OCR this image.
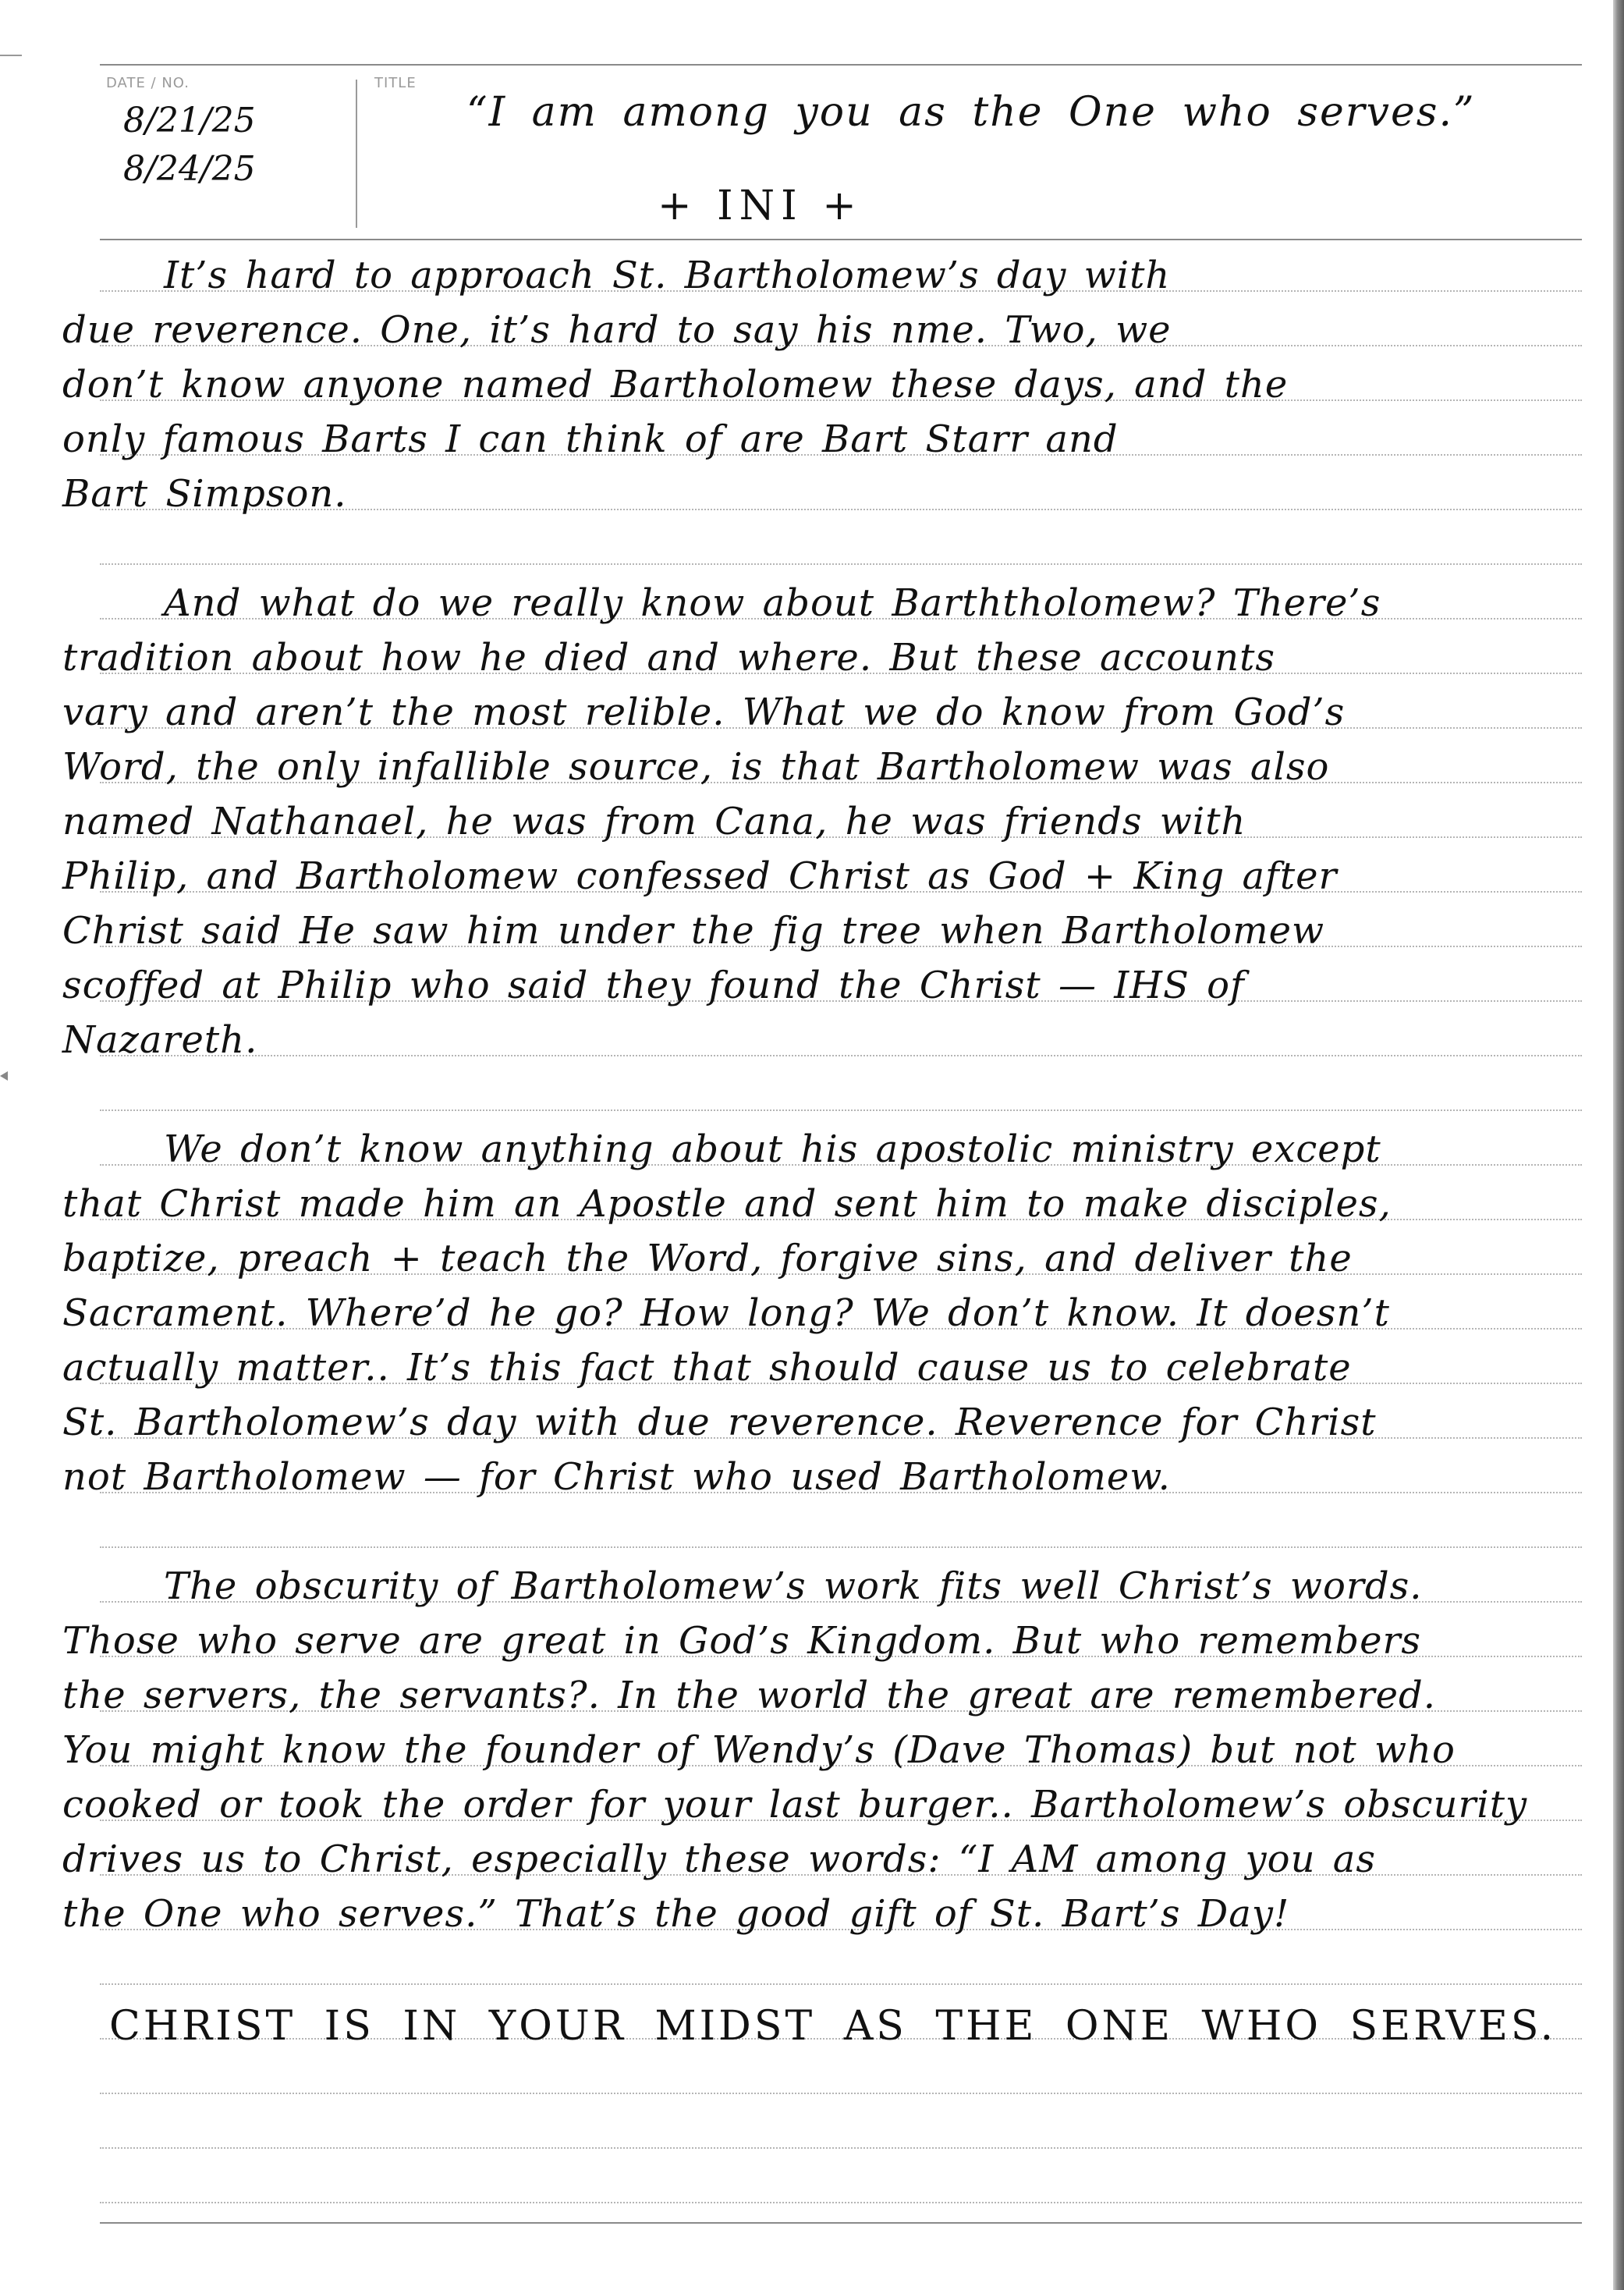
DATE / NO.	TITLE
8/21/25
8/24/25
“I am among you as the One who serves.”
+ INI +
It’s hard to approach St. Bartholomew’s day with
due reverence. One, it’s hard to say his nme. Two, we
don’t know anyone named Bartholomew these days, and the
only famous Barts I can think of are Bart Starr and
Bart Simpson.
And what do we really know about Barththolomew? There’s
tradition about how he died and where. But these accounts
vary and aren’t the most relible. What we do know from God’s
Word, the only infallible source, is that Bartholomew was also
named Nathanael, he was from Cana, he was friends with
Philip, and Bartholomew confessed Christ as God + King after
Christ said He saw him under the fig tree when Bartholomew
scoffed at Philip who said they found the Christ — IHS of
Nazareth.
We don’t know anything about his apostolic ministry except
that Christ made him an Apostle and sent him to make disciples,
baptize, preach + teach the Word, forgive sins, and deliver the
Sacrament. Where’d he go? How long? We don’t know. It doesn’t
actually matter.. It’s this fact that should cause us to celebrate
St. Bartholomew’s day with due reverence. Reverence for Christ
not Bartholomew — for Christ who used Bartholomew.
The obscurity of Bartholomew’s work fits well Christ’s words.
Those who serve are great in God’s Kingdom. But who remembers
the servers, the servants?. In the world the great are remembered.
You might know the founder of Wendy’s (Dave Thomas) but not who
cooked or took the order for your last burger.. Bartholomew’s obscurity
drives us to Christ, especially these words: “I AM among you as
the One who serves.” That’s the good gift of St. Bart’s Day!
CHRIST IS IN YOUR MIDST AS THE ONE WHO SERVES.
